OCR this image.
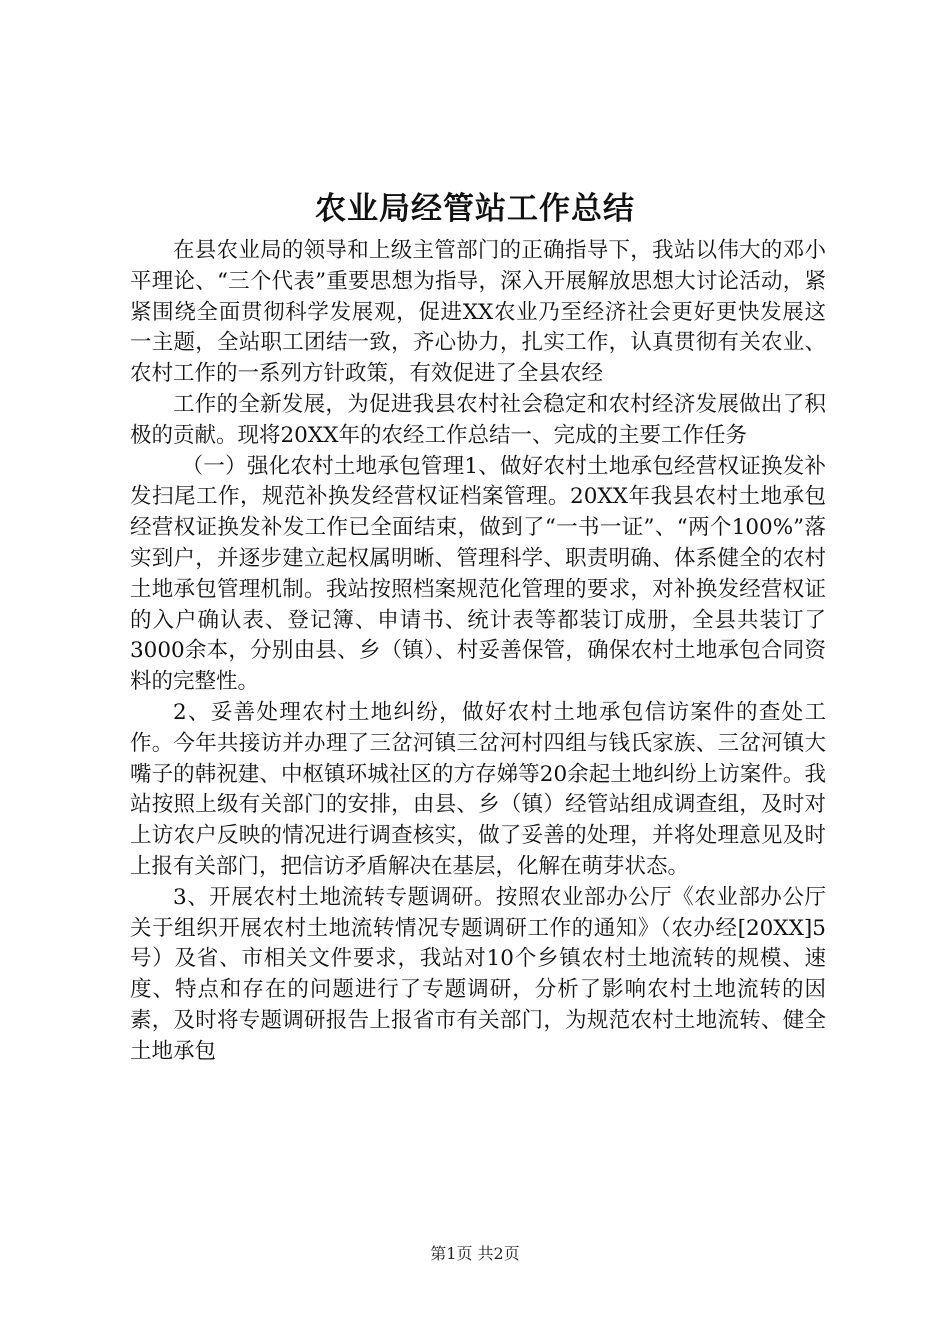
农业局经管站工作总结

在县农业局的领导和上级主管部门的正确指导下，我站以伟大的邓小平理论、“三个代表”重要思想为指导，深入开展解放思想大讨论活动，紧紧围绕全面贯彻科学发展观，促进XX农业乃至经济社会更好更快发展这一主题，全站职工团结一致，齐心协力，扎实工作，认真贯彻有关农业、农村工作的一系列方针政策，有效促进了全县农经

工作的全新发展，为促进我县农村社会稳定和农村经济发展做出了积极的贡献。现将20XX年的农经工作总结一、完成的主要工作任务

（一）强化农村土地承包管理1、做好农村土地承包经营权证换发补发扫尾工作，规范补换发经营权证档案管理。20XX年我县农村土地承包经营权证换发补发工作已全面结束，做到了“一书一证”、“两个100%”落实到户，并逐步建立起权属明晰、管理科学、职责明确、体系健全的农村土地承包管理机制。我站按照档案规范化管理的要求，对补换发经营权证的入户确认表、登记簿、申请书、统计表等都装订成册，全县共装订了3000余本，分别由县、乡（镇）、村妥善保管，确保农村土地承包合同资料的完整性。

2、妥善处理农村土地纠纷，做好农村土地承包信访案件的查处工作。今年共接访并办理了三岔河镇三岔河村四组与钱氏家族、三岔河镇大嘴子的韩祝建、中枢镇环城社区的方存娣等20余起土地纠纷上访案件。我站按照上级有关部门的安排，由县、乡（镇）经管站组成调查组，及时对上访农户反映的情况进行调查核实，做了妥善的处理，并将处理意见及时上报有关部门，把信访矛盾解决在基层，化解在萌芽状态。

3、开展农村土地流转专题调研。按照农业部办公厅《农业部办公厅关于组织开展农村土地流转情况专题调研工作的通知》（农办经[20XX]5号）及省、市相关文件要求，我站对10个乡镇农村土地流转的规模、速度、特点和存在的问题进行了专题调研，分析了影响农村土地流转的因素，及时将专题调研报告上报省市有关部门，为规范农村土地流转、健全土地承包

第1页 共2页
